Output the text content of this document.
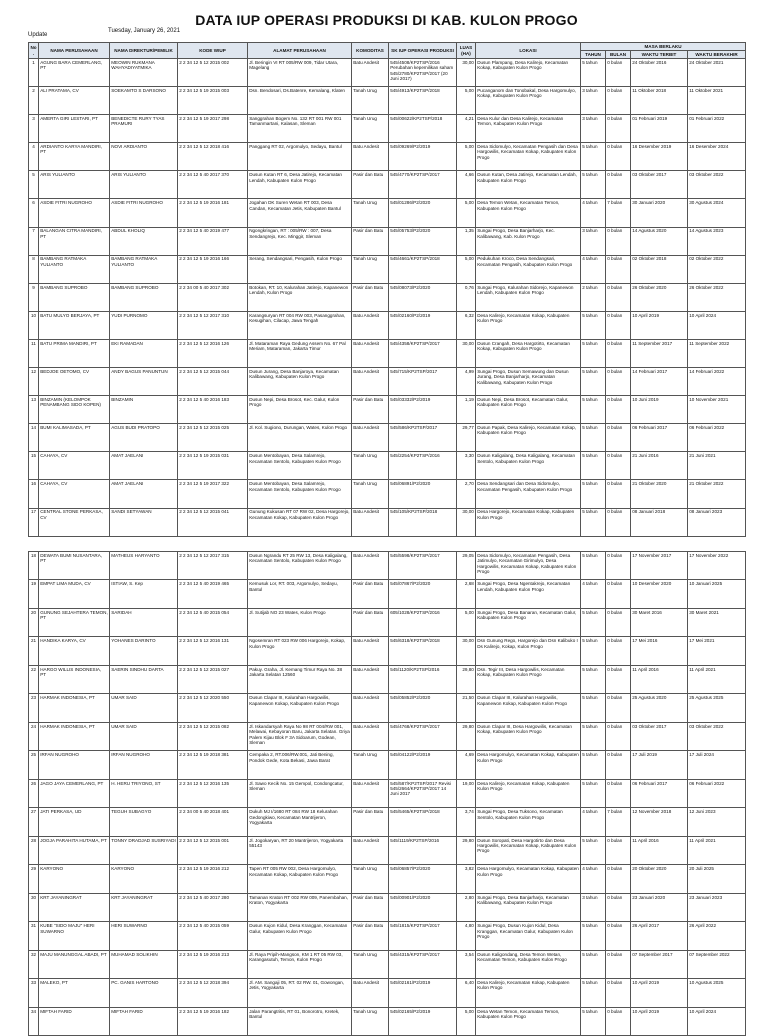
DATA IUP OPERASI PRODUKSI DI KAB. KULON PROGO
Update
Tuesday, January 26, 2021
No.	NAMA PERUSAHAAN	NAMA DIREKTUR/PEMILIK	KODE WIUP	ALAMAT PERUSAHAAN	KOMODITAS	SK IUP OPERASI PRODUKSI	LUAS (HA)	LOKASI	MASA BERLAKU			
									TAHUN	BULAN	WAKTU TERBIT	WAKTU BERAKHIR
1	AGUNG BARA CEMERLANG, PT	MEOWIN RUKMANA WAHYADIYATMIKA	2 2 34 12 5 12 2015 002	Jl. Beringin VI RT 005/RW 009, Tidar Utara, Magelang	Batu Andesit	545/4508/KP2TSP/2016 Perubahan kepemilikan saham 545/2780/KP2TSP/2017 (20 Juni 2017)	30,00	Dusun Plampang, Desa Kalirejo, Kecamatan Kokap, Kabupaten Kulon Progo	5 tahun	0 bulan	24 Oktober 2016	24 Oktober 2021
2	ALI PRATAMA, CV	SOEKAMTO S DARSONO	2 2 34 12 5 19 2015 003	Dsn. Bendosari, Ds.Batenre, Kemalang, Klaten	Tanah Urug	545/4913/KP2TSP/2018	5,00	Pucanganom dan Tonobakal, Desa Hargomulyo, Kokap, Kabupaten Kulon Progo	3 tahun	0 bulan	11 Oktober 2018	11 Oktober 2021
3	AMERTA GIRI LESTARI, PT	BENEDICTE RURY TYAS PRAMURI	2 2 34 12 5 19 2017 298	Sanggrahan Bogem No. 132 RT 001 RW 001 Tamanmartani, Kalasan, Sleman	Tanah Urug	545/00622/KP2TSP/2018	4,21	Desa Kulur dan Desa Kalirejo, Kecamatan Temon, Kabupaten Kulon Progo	3 tahun	0 bulan	01 Februari 2019	01 Februari 2022
4	ARDIANTO KARYA MANDIRI, PT	NOVI ARDIANTO	2 2 34 12 5 12 2018 416	Panggang RT 02, Argomulyo, Sedayu, Bantul	Batu Andesit	545/09269/P2/2019	5,00	Desa Sidomulyo, Kecamatan Pengasih dan Desa Hargowilis, Kecamatan Kokap, Kabupaten Kulon Progo	5 tahun	0 bulan	16 Desember 2019	16 Desember 2024
5	ARIS YULIANTO	ARIS YULIANTO	2 2 34 12 5 40 2017 370	Dusun Kutan RT 6, Desa Jatirejo, Kecamatan Lendah, Kabupaten Kulon Progo	Pasir dan Batu	545/4770/KP2TSP/2017	4,66	Dusun Kutan, Desa Jatirejo, Kecamatan Lendah, Kabupaten Kulon Progo	5 tahun	0 bulan	03 Oktober 2017	03 Oktober 2022
6	ASDIE FITRI NUGROHO	ASDIE FITRI NUGROHO	2 2 34 12 5 19 2016 181	Jogahan DK Suren Wetan RT 003, Desa Candan, Kecamatan Jetis, Kabupaten Bantul	Tanah Urug	545/01286/P2/2020	5,00	Desa Temon Wetan, Kecamatan Temon, Kabupaten Kulon Progo	4 tahun	7 bulan	30 Januari 2020	30 Agustus 2024
7	BALANGAN CITRA MANDIRI, PT	ABDUL KHOLIQ	2 2 34 12 5 40 2019 477	Ngongkringan, RT : 005/RW : 007, Desa Sendangrejo, Kec. Minggir, Sleman	Pasir dan Batu	545/05753/P2/2020	1,35	Sungai Progo, Desa Banjarharjo, Kec. Kalibawang, Kab. Kulon Progo	3 tahun	0 bulan	14 Agustus 2020	14 Agustus 2023
8	BAMBANG RATMAKA YULIANTO	BAMBANG RATMAKA YULIANTO	2 2 34 12 5 19 2016 166	Serang, Sendangsari, Pengasih, Kulon Progo	Tanah Urug	545/4661/KP2TSP/2018	5,00	Pedukuhan Kroco, Desa Sendangsari, Kecamatan Pengasih, Kabupaten Kulon Progo	4 tahun	0 bulan	02 Oktober 2018	02 Oktober 2022
9	BAMBANG SUPROBO	BAMBANG SUPROBO	2 2 34 00 5 40 2017 302	Botokan, RT. 10, Kalurahan Jatirejo, Kapanewon Lendah, Kulon Progo	Pasir dan Batu	545/08073/P2/2020	0,76	Sungai Progo, Kalurahan Sidorejo, Kapanewon Lendah, Kabupaten Kulon Progo	2 tahun	0 bulan	26 Oktober 2020	26 Oktober 2022
10	BATU MULYO BERJAYA, PT	YUDI PURNOMO	2 2 34 12 5 12 2017 310	Karangsuryan RT 004 RW 003, Pasanggrahan, Kesugihan, Cilacap, Jawa Tengah	Batu Andesit	545/02160/P2/2019	6,32	Desa Kalirejo, Kecamatan Kokap, Kabupaten Kulon Progo	5 tahun	0 bulan	10 April 2019	10 April 2024
11	BATU PRIMA MANDIRI, PT	EKI RAMADAN	2 2 34 12 5 12 2016 126	Jl. Mataraman Raya Gedung Assem No. 67 Pal Meriam, Mataraman, Jakarta Timur	Batu Andesit	545/4358/KP2TSP/2017	30,00	Dusun Crangah, Desa Hargotirto, Kecamatan Kokap, Kabupaten Kulon Progo	5 tahun	0 bulan	11 September 2017	11 September 2022
12	BEDJOE OETOMO, CV	ANDY BAGUS PANUNTUN	2 2 34 12 5 12 2015 044	Dusun Jurang, Desa Banjaroya, Kecamatan Kalibawang, Kabupaten Kulon Progo	Batu Andesit	545/715/KP2TSP/2017	4,99	Sungai Progo, Dusun Semawung dan Dusun Jurang, Desa Banjarharjo, Kecamatan Kalibawang, Kabupaten Kulon Progo	5 tahun	0 bulan	14 Februari 2017	14 Februari 2022
13	BINZAMIN (KELOMPOK PENAMBANG SIDO KOPEN)	BINZAMIN	2 2 34 12 5 40 2016 183	Dusun Nepi, Desa Brosot, Kec. Galur, Kulon Progo	Pasir dan Batu	545/03332/P2/2019	1,19	Dusun Nepi, Desa Brosot, Kecamatan Galur, Kabupaten Kulon Progo	5 tahun	0 bulan	10 Juni 2019	10 November 2021
14	BUMI KALIMASADA, PT	AGUS BUDI PRATOPO	2 2 34 12 5 12 2015 025	Jl. Kol. Sugiono, Durungan, Wates, Kulon Progo	Batu Andesit	545/586/KP2TSP/2017	29,77	Dusun Papak, Desa Kalirejo, Kecamatan Kokap, Kabupaten Kulon Progo	5 tahun	0 bulan	06 Februari 2017	06 Februari 2022
15	CAHAYA, CV	AMAT JAELANI	2 2 34 12 5 19 2015 031	Dusun Mentobayan, Desa Salamrejo, Kecamatan Sentolo, Kabupaten Kulon Progo	Tanah Urug	545/2254/KP2TSP/2016	3,30	Dusun Kaligalang, Desa Kaligalang, Kecamatan Sentolo, Kabupaten Kulon Progo	5 tahun	0 bulan	21 Juni 2016	21 Juni 2021
16	CAHAYA, CV	AMAT JAELANI	2 2 34 12 5 19 2017 322	Dusun Mentobayan, Desa Salamrejo, Kecamatan Sentolo, Kabupaten Kulon Progo	Tanah Urug	545/06891/P2/2020	2,70	Desa Sendangsari dan Desa Sidomulyo, Kecamatan Pengasih, Kabupaten Kulon Progo	5 tahun	0 bulan	21 Oktober 2020	21 Oktober 2022
17	CENTRAL STONE PERKASA, CV	SANDI SETYAWAN	2 2 34 12 5 12 2015 041	Gunung Kukusan RT 07 RW 02, Desa Hargorejo, Kecamatan Kokap, Kabupaten Kulon Progo	Batu Andesit	545/105/KP2TSP/2018	30,00	Desa Hargorejo, Kecamatan Kokap, Kabupaten Kulon Progo	5 tahun	0 bulan	08 Januari 2018	08 Januari 2023
18	DEWATA BUMI NUSANTARA, PT	MATHEUS HARYANTO	2 2 34 12 5 12 2017 315	Dusun Ngrandu RT 25 RW 13, Desa Kaligalang, Kecamatan Sentolo, Kabupaten Kulon Progo	Batu Andesit	545/5598/KP2TSP/2017	29,05	Desa Sidomulyo, Kecamatan Pengasih, Desa Jatimulyo, Kecamatan Girimulyo, Desa Hargowilis, Kecamatan Kokap, Kabupaten Kulon Progo	5 tahun	0 bulan	17 November 2017	17 November 2022
19	EMPAT LIMA MUDA, CV	ISTIAW, S. Kep	2 2 34 12 5 40 2019 465	Kemusuk Lor, RT. 003, Argomulyo, Sedayu, Bantul	Pasir dan Batu	545/07867/P2/2020	2,68	Sungai Progo, Desa Ngentakrejo, Kecamatan Lendah, Kabupaten Kulon Progo	4 tahun	0 bulan	10 Desember 2020	10 Januari 2025
20	GUNUNG SEJAHTERA TEMON, PT	SARIDAH	2 2 34 12 5 40 2015 054	Jl. Sutijab NO 23 Wates, Kulon Progo	Pasir dan Batu	605/1028/KP2TSP/2016	5,00	Sungai Progo, Desa Banaran, Kecamatan Galur, Kabupaten Kulon Progo	5 tahun	0 bulan	30 Maret 2016	30 Maret 2021
21	HANDIKA KARYA, CV	YOHANES DARINTO	2 2 34 12 5 12 2016 131	Ngosemran RT 023 RW 006 Hargorejo, Kokap, Kulon Progo	Batu Andesit	545/6318/KP2TSP/2018	30,00	Dsn Gunung Rego, Hargorejo dan Dsn Kalibuko I Ds Kalirejo, Kokap, Kulon Progo	5 tahun	0 bulan	17 Mei 2016	17 Mei 2021
22	HARGO WILLIS INDONESIA, PT	SAERIN SINDHU DARTA	2 2 34 12 5 12 2015 027	Pakuy. Graha, Jl. Kemang Timur Raya No. 38 Jakarta Selatan 12560	Batu Andesit	545/1120/KP2TSP/2016	29,80	Dsn. Tegir III, Desa Hargowilis, Kecamatan Kokap, Kabupaten Kulon Progo	5 tahun	0 bulan	11 April 2016	11 April 2021
23	HARMAK INDONESIA, PT	UMAR SAID	2 2 34 12 5 12 2020 550	Dusun Clapar III, Kalurahan Hargowilis, Kapanewon Kokap, Kabupaten Kulon Progo	Batu Andesit	545/05852/P2/2020	21,50	Dusun Clapar III, Kalurahan Hargowilis, Kapanewon Kokap, Kabupaten Kulon Progo	5 tahun	0 bulan	25 Agustus 2020	25 Agustus 2025
24	HARMAK INDONESIA, PT	UMAR SAID	2 2 34 12 5 12 2015 082	Jl. Iskandarsyah Raya No 98 RT 004/RW 001, Melawai, Kebayoran Baru, Jakarta Selatan. Griya Palem Kijau Blok F 3A Sidoarum, Godean, Sleman	Batu Andesit	545/4768/KP2TSP/2017	29,80	Dusun Clapar III, Desa Hargowilis, Kecamatan Kokap, Kabupaten Kulon Progo	5 tahun	0 bulan	03 Oktober 2017	03 Oktober 2022
25	IRFAN NUGROHO	IRFAN NUGROHO	2 2 34 12 5 19 2018 381	Cempaka 2, RT.006/RW.001, Jati Bening, Pondok Gede, Kota Bekasi, Jawa Barat	Tanah Urug	545/04122/P2/2019	4,69	Desa Hargomulyo, Kecamatan Kokap, Kabupaten Kulon Progo	5 tahun	0 bulan	17 Juli 2019	17 Juli 2024
26	JAGO JAYA CEMERLANG, PT	H. HERU TRIYONO, ST	2 2 34 12 5 12 2016 135	Jl. Sawo Kecik No. 15 Gempol, Condongcatur, Sleman	Batu Andesit	545/587/KP2TSP/2017 Revisi 545/2664/KP2TSP/2017 14 Juni 2017	19,00	Desa Kalirejo, Kecamatan Kokap, Kabupaten Kulon Progo	5 tahun	0 bulan	06 Februari 2017	06 Februari 2022
27	JATI PERKASA, UD	TEGUH SUBAGYO	2 2 34 00 5 40 2018 401	Dukuh MJ I/1680 RT 084 RW 18 Kelurahan Gedongkiwo, Kecamatan Mantrijeron, Yogyakarta	Pasir dan Batu	545/5465/KP2TSP/2018	3,74	Sungai Progo, Desa Tuksono, Kecamatan Sentolo, Kabupaten Kulon Progo	4 tahun	7 bulan	12 November 2018	12 Juni 2023
28	JOGJA PARAHITA HUTAMA, PT	TONNY DRADJAD SUSRIYADI	2 2 34 12 5 12 2015 001	Jl. Jogokaryan, RT 20 Mantrijeron, Yogyakarta 55143	Batu Andesit	545/1119/KP2TSP/2016	29,80	Dusun Soropati, Desa Hargotirto dan Desa Hargowilis, Kecamatan Kokap, Kabupaten Kulon Progo	5 tahun	0 bulan	11 April 2016	11 April 2021
29	KARYONO	KARYONO	2 2 34 12 5 19 2016 212	Tapen RT 005 RW 002, Desa Hargomulyo, Kecamatan Kokap, Kabupaten Kulon Progo	Tanah Urug	545/06857/P2/2020	3,82	Desa Hargomulyo, Kecamatan Kokap, Kabupaten Kulon Progo	4 tahun	0 bulan	20 Oktober 2020	20 Juli 2025
30	KRT JAYANINGRAT	KRT JAYANINGRAT	2 2 34 12 5 40 2017 280	Tamanan Kraton RT 002 RW 009, Panembahan, Kraton, Yogyakarta	Pasir dan Batu	545/00901/P2/2020	2,80	Sungai Progo, Desa Banjarharjo, Kecamatan Kalibawang, Kabupaten Kulon Progo	3 tahun	0 bulan	23 Januari 2020	23 Januari 2023
31	KUBE "SIDO MAJU" HERI SUWARNO	HERI SUWARNO	2 2 34 12 5 40 2015 059	Dusun Kujon Kidul, Desa Kranggan, Kecamatan Galur, Kabupaten Kulon Progo	Pasir dan Batu	545/1815/KP2TSP/2017	4,80	Sungai Progo, Dusun Kujon Kidul, Desa Kranggan, Kecamatan Galur, Kabupaten Kulon Progo	5 tahun	0 bulan	26 April 2017	26 April 2022
32	MAJU MANUNGGAL ABADI, PT	MUHAMAD SOLIKHIN	2 2 34 12 5 19 2016 213	Jl. Raya Pripih-Mangson, KM 1 RT 05 RW 03, Karangasutuh, Temon, Kulon Progo	Tanah Urug	545/4315/KP2TSP/2017	3,54	Dusun Kaligondang, Desa Temon Wetan, Kecamatan Temon, Kabupaten Kulon Progo	5 tahun	0 bulan	07 September 2017	07 September 2022
33	MALEKO, PT	PC. GANIS HARTONO	2 2 34 12 5 12 2018 394	Jl. AM. Sangaji 05, RT. 02 RW. 01, Gowongan, Jetis, Yogyakarta	Batu Andesit	545/02161/P2/2019	6,40	Desa Kalirejo, Kecamatan Kokap, Kabupaten Kulon Progo	5 tahun	0 bulan	10 April 2019	10 Agustus 2025
34	MIFTAH FARID	MIFTAH FARID	2 2 34 12 5 19 2016 182	Jalan Parangtritis, RT 01, Bonorotro, Kretek, Bantul	Tanah Urug	545/02165/P2/2019	5,00	Desa Wetan Temon, Kecamatan Temon, Kabupaten Kulon Progo	5 tahun	0 bulan	10 April 2019	10 April 2024
